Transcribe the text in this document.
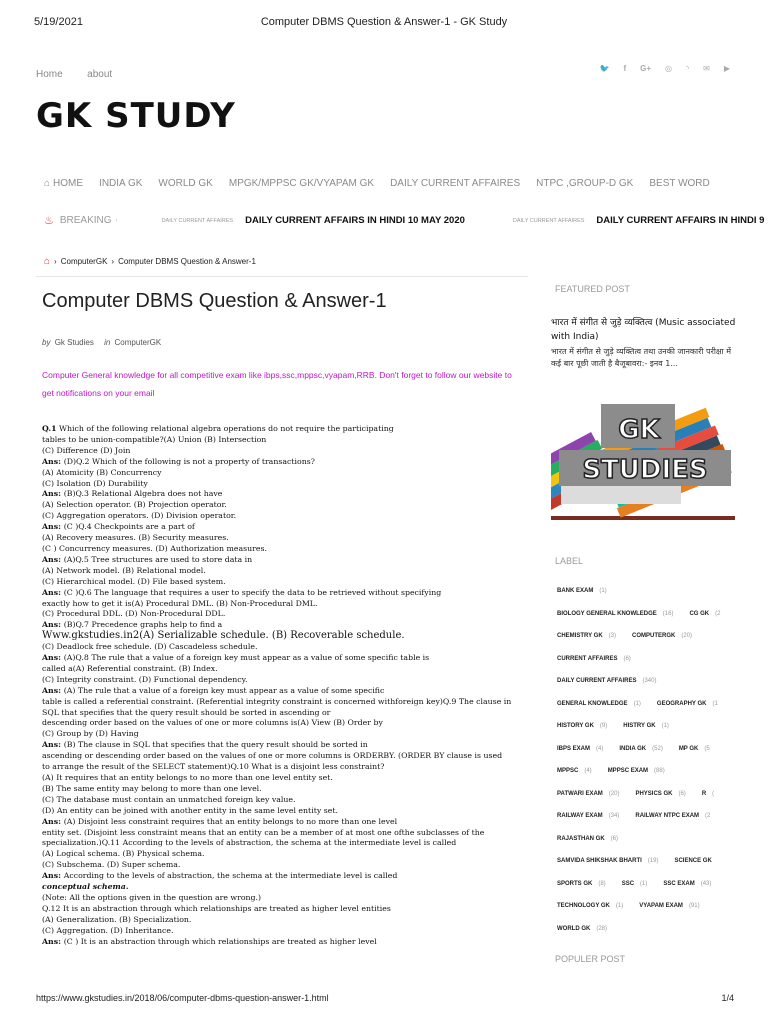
5/19/2021	Computer DBMS Question & Answer-1 - GK Study
Home about
🐦 f G+ ◎ ◝ ✉ ▶
GK STUDY
⌂ HOME INDIA GK WORLD GK MPGK/MPPSC GK/VYAPAM GK DAILY CURRENT AFFAIRES NTPC ,GROUP-D GK BEST WORD
♨ BREAKING ›	DAILY CURRENT AFFAIRES DAILY CURRENT AFFAIRS IN HINDI 10 MAY 2020	DAILY CURRENT AFFAIRES DAILY CURRENT AFFAIRS IN HINDI 9
⌂ › ComputerGK › Computer DBMS Question & Answer-1
Computer DBMS Question & Answer-1
by Gk Studies in ComputerGK
Computer General knowledge for all competitive exam like ibps,ssc,mppsc,vyapam,RRB. Don't forget to follow our website to get notifications on your email
Q.1 Which of the following relational algebra operations do not require the participating
tables to be union-compatible?(A) Union (B) Intersection
(C) Difference (D) Join
Ans: (D)Q.2 Which of the following is not a property of transactions?
(A) Atomicity (B) Concurrency
(C) Isolation (D) Durability
Ans: (B)Q.3 Relational Algebra does not have
(A) Selection operator. (B) Projection operator.
(C) Aggregation operators. (D) Division operator.
Ans: (C )Q.4 Checkpoints are a part of
(A) Recovery measures. (B) Security measures.
(C ) Concurrency measures. (D) Authorization measures.
Ans: (A)Q.5 Tree structures are used to store data in
(A) Network model. (B) Relational model.
(C) Hierarchical model. (D) File based system.
Ans: (C )Q.6 The language that requires a user to specify the data to be retrieved without specifying
exactly how to get it is(A) Procedural DML. (B) Non-Procedural DML.
(C) Procedural DDL. (D) Non-Procedural DDL.
Ans: (B)Q.7 Precedence graphs help to find a
Www.gkstudies.in2(A) Serializable schedule. (B) Recoverable schedule.
(C) Deadlock free schedule. (D) Cascadeless schedule.
Ans: (A)Q.8 The rule that a value of a foreign key must appear as a value of some specific table is
called a(A) Referential constraint. (B) Index.
(C) Integrity constraint. (D) Functional dependency.
Ans: (A) The rule that a value of a foreign key must appear as a value of some specific
table is called a referential constraint. (Referential integrity constraint is concerned withforeign key)Q.9 The clause in
SQL that specifies that the query result should be sorted in ascending or
descending order based on the values of one or more columns is(A) View (B) Order by
(C) Group by (D) Having
Ans: (B) The clause in SQL that specifies that the query result should be sorted in
ascending or descending order based on the values of one or more columns is ORDERBY. (ORDER BY clause is used
to arrange the result of the SELECT statement)Q.10 What is a disjoint less constraint?
(A) It requires that an entity belongs to no more than one level entity set.
(B) The same entity may belong to more than one level.
(C) The database must contain an unmatched foreign key value.
(D) An entity can be joined with another entity in the same level entity set.
Ans: (A) Disjoint less constraint requires that an entity belongs to no more than one level
entity set. (Disjoint less constraint means that an entity can be a member of at most one ofthe subclasses of the
specialization.)Q.11 According to the levels of abstraction, the schema at the intermediate level is called
(A) Logical schema. (B) Physical schema.
(C) Subschema. (D) Super schema.
Ans: According to the levels of abstraction, the schema at the intermediate level is called
conceptual schema.
(Note: All the options given in the question are wrong.)
Q.12 It is an abstraction through which relationships are treated as higher level entities
(A) Generalization. (B) Specialization.
(C) Aggregation. (D) Inheritance.
Ans: (C ) It is an abstraction through which relationships are treated as higher level
FEATURED POST
भारत में संगीत से जुड़े व्यक्तित्व (Music associated with India)
भारत में संगीत से जुड़े व्यक्तित्व तथा उनकी जानकारी परीक्षा में कई बार पूछी जाती है बैजूबावरा:- इनव 1...
GK
STUDIES
LABEL
BANK EXAM (1)
BIOLOGY GENERAL KNOWLEDGE (16)	CG GK (2
CHEMISTRY GK (3)	COMPUTERGK (20)
CURRENT AFFAIRES (6)
DAILY CURRENT AFFAIRES (340)
GENERAL KNOWLEDGE (1)	GEOGRAPHY GK (1
HISTORY GK (9)	HISTRY GK (1)
IBPS EXAM (4)	INDIA GK (52)	MP GK (5
MPPSC (4)	MPPSC EXAM (88)
PATWARI EXAM (20)	PHYSICS GK (6)	R (
RAILWAY EXAM (34)	RAILWAY NTPC EXAM (2
RAJASTHAN GK (6)
SAMVIDA SHIKSHAK BHARTI (19)	SCIENCE GK
SPORTS GK (8)	SSC (1)	SSC EXAM (43)
TECHNOLOGY GK (1)	VYAPAM EXAM (91)
WORLD GK (28)
POPULER POST
https://www.gkstudies.in/2018/06/computer-dbms-question-answer-1.html	1/4
